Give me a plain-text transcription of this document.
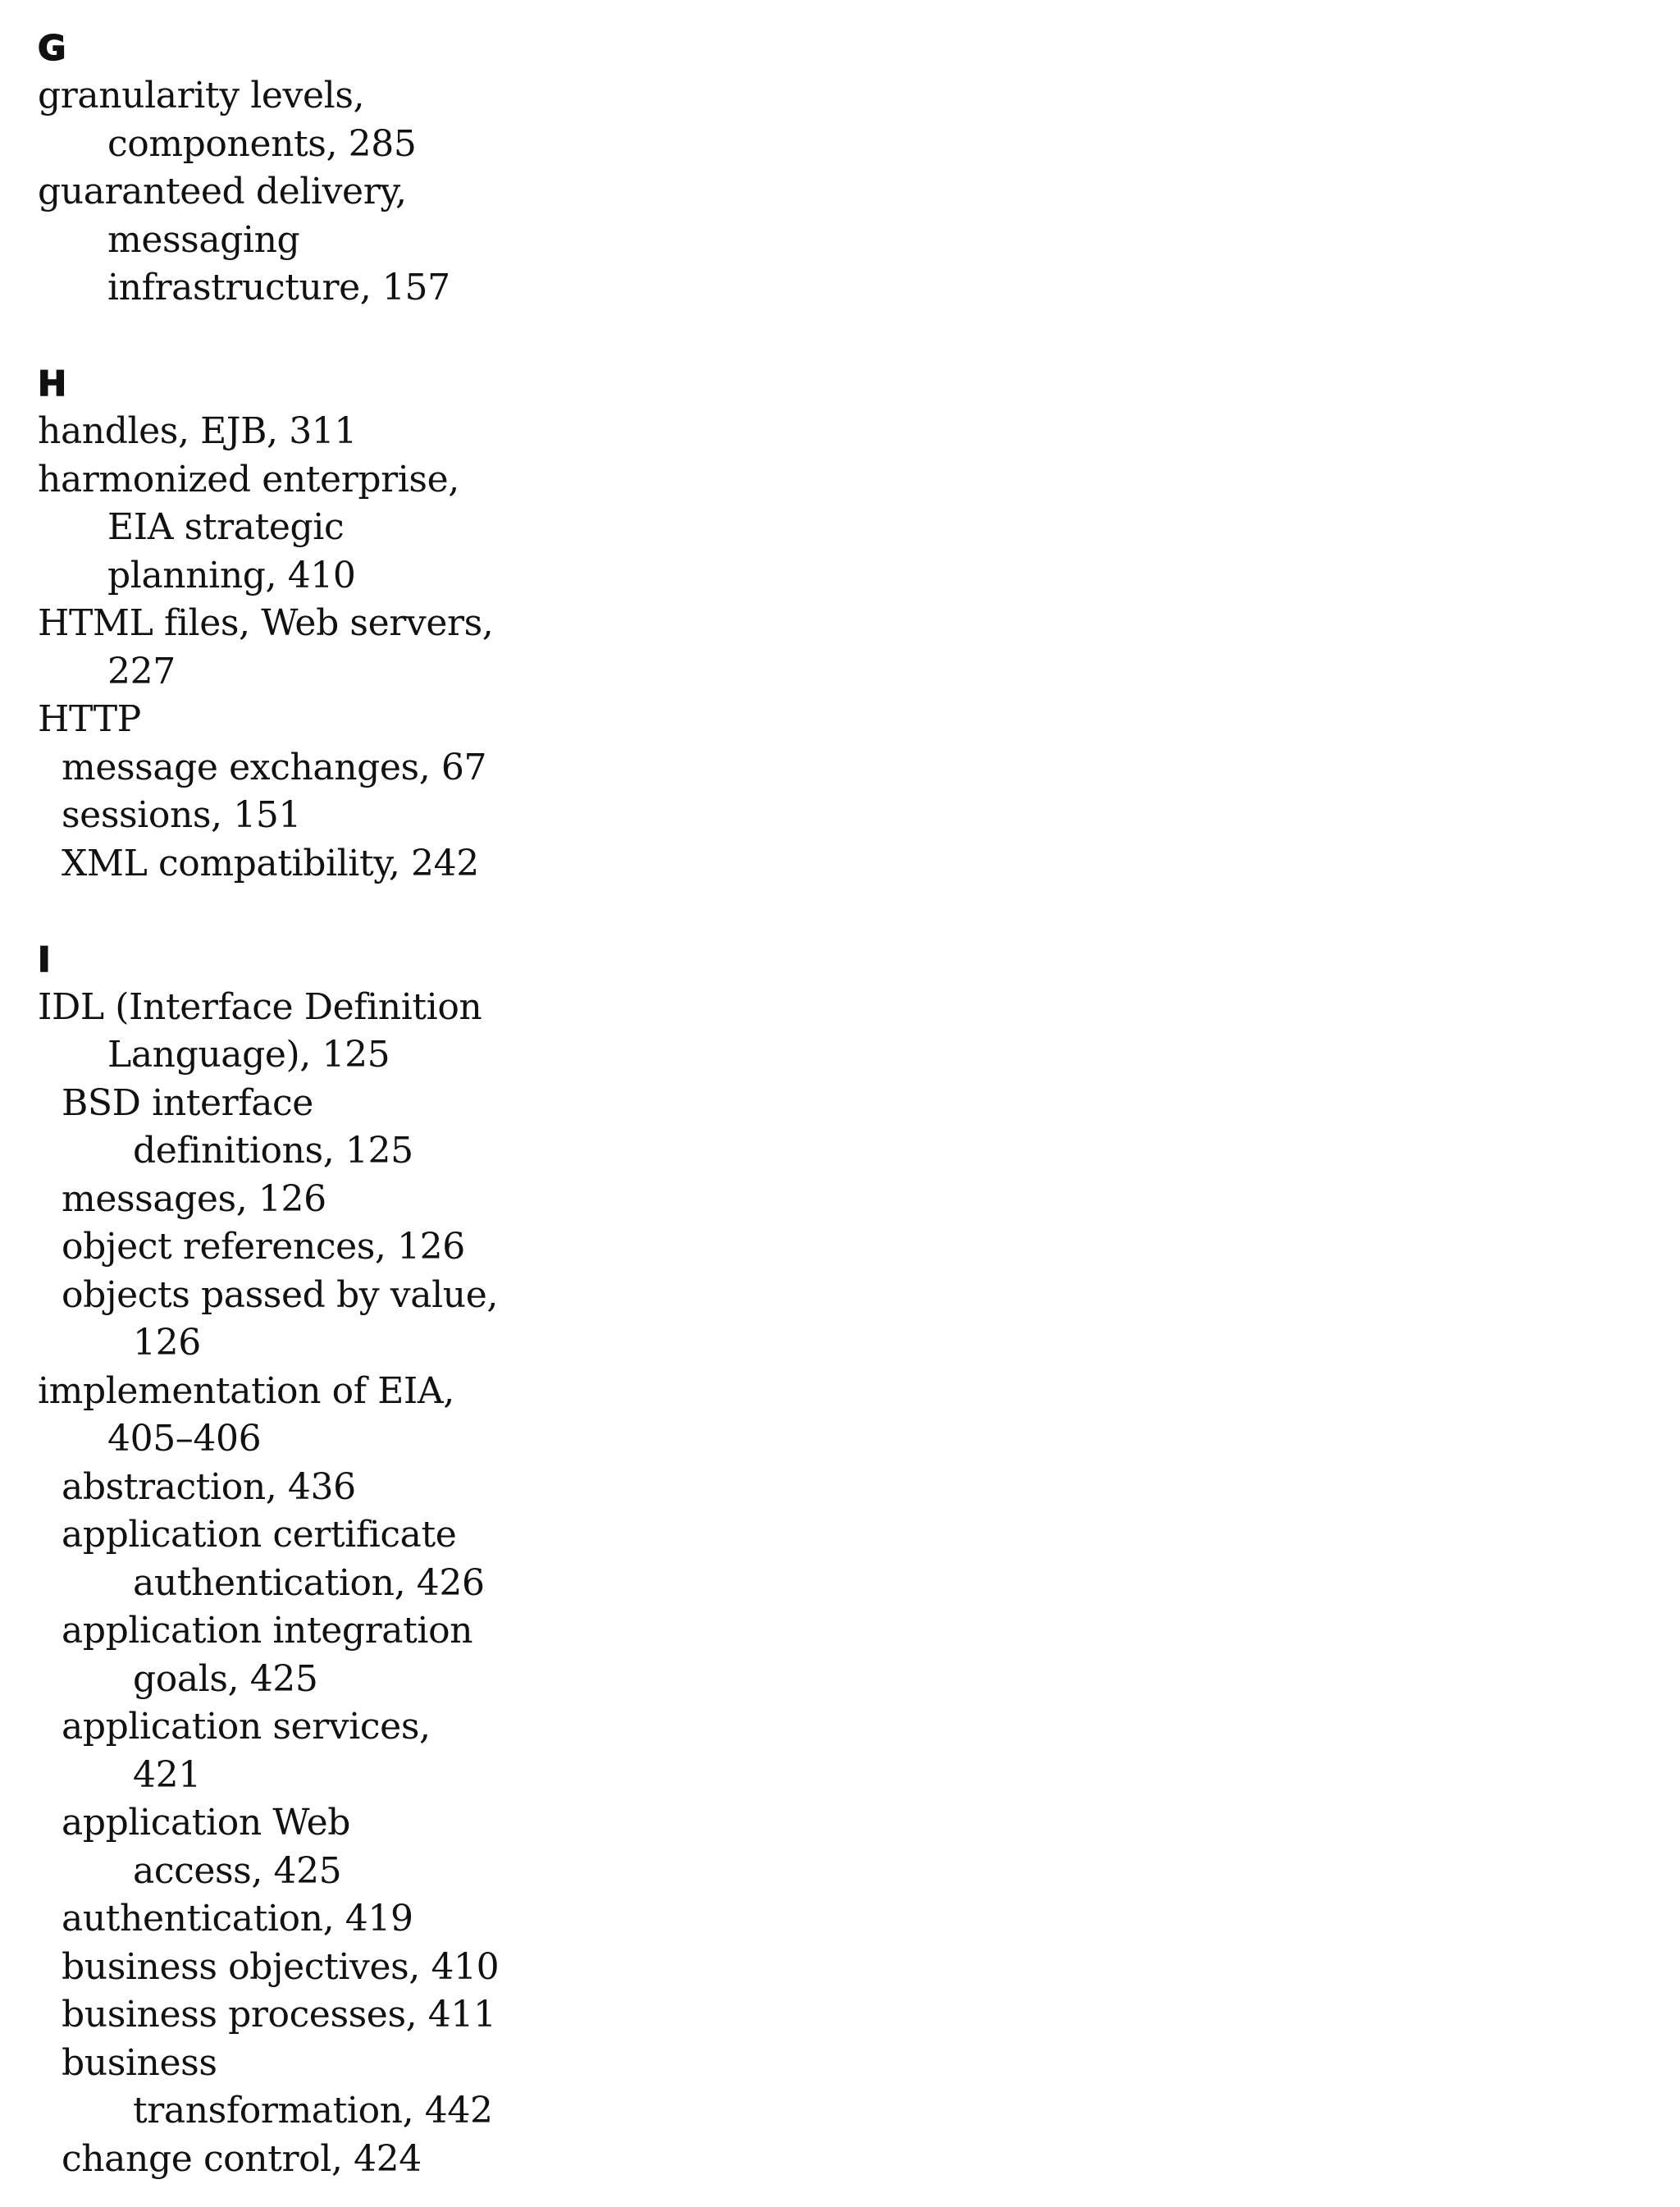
G
granularity levels,
components, 285
guaranteed delivery,
messaging
infrastructure, 157
H
handles, EJB, 311
harmonized enterprise,
EIA strategic
planning, 410
HTML files, Web servers,
227
HTTP
message exchanges, 67
sessions, 151
XML compatibility, 242
I
IDL (Interface Definition
Language), 125
BSD interface
definitions, 125
messages, 126
object references, 126
objects passed by value,
126
implementation of EIA,
405–406
abstraction, 436
application certificate
authentication, 426
application integration
goals, 425
application services,
421
application Web
access, 425
authentication, 419
business objectives, 410
business processes, 411
business
transformation, 442
change control, 424
